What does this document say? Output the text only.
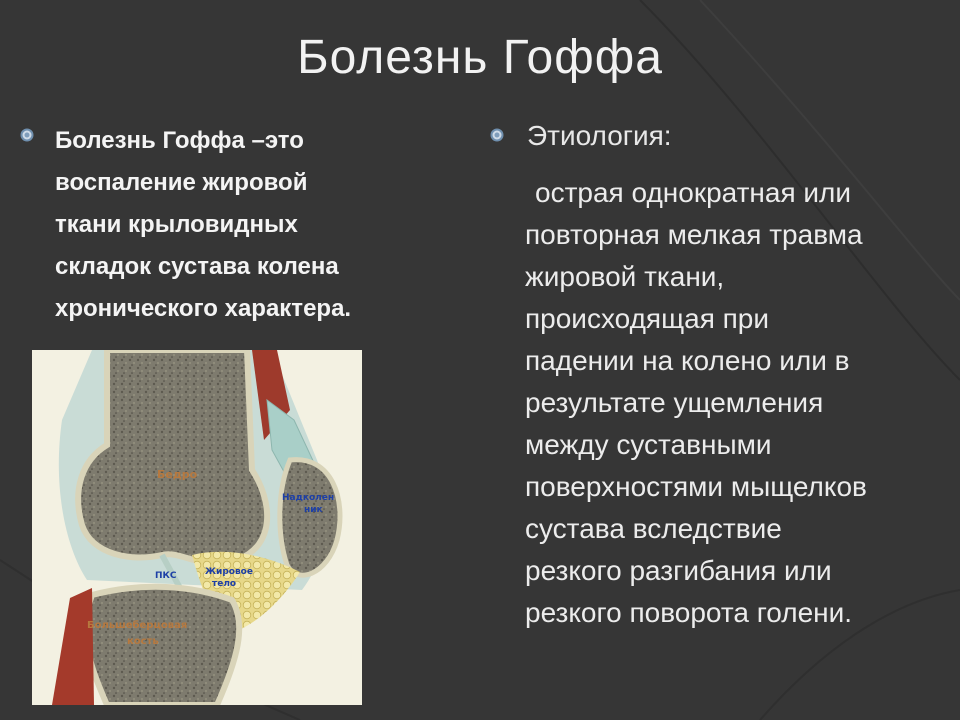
Болезнь Гоффа
Болезнь Гоффа –это
воспаление жировой
ткани крыловидных
складок сустава колена
хронического характера.
Этиология:
острая однократная или
повторная мелкая травма
жировой ткани,
происходящая при
падении на колено или в
результате ущемления
между суставными
поверхностями мыщелков
сустава вследствие
резкого разгибания или
резкого поворота голени.
Бедро
Надколен
ник
ПКС	Жировое
тело
Большеберцовая
кость
